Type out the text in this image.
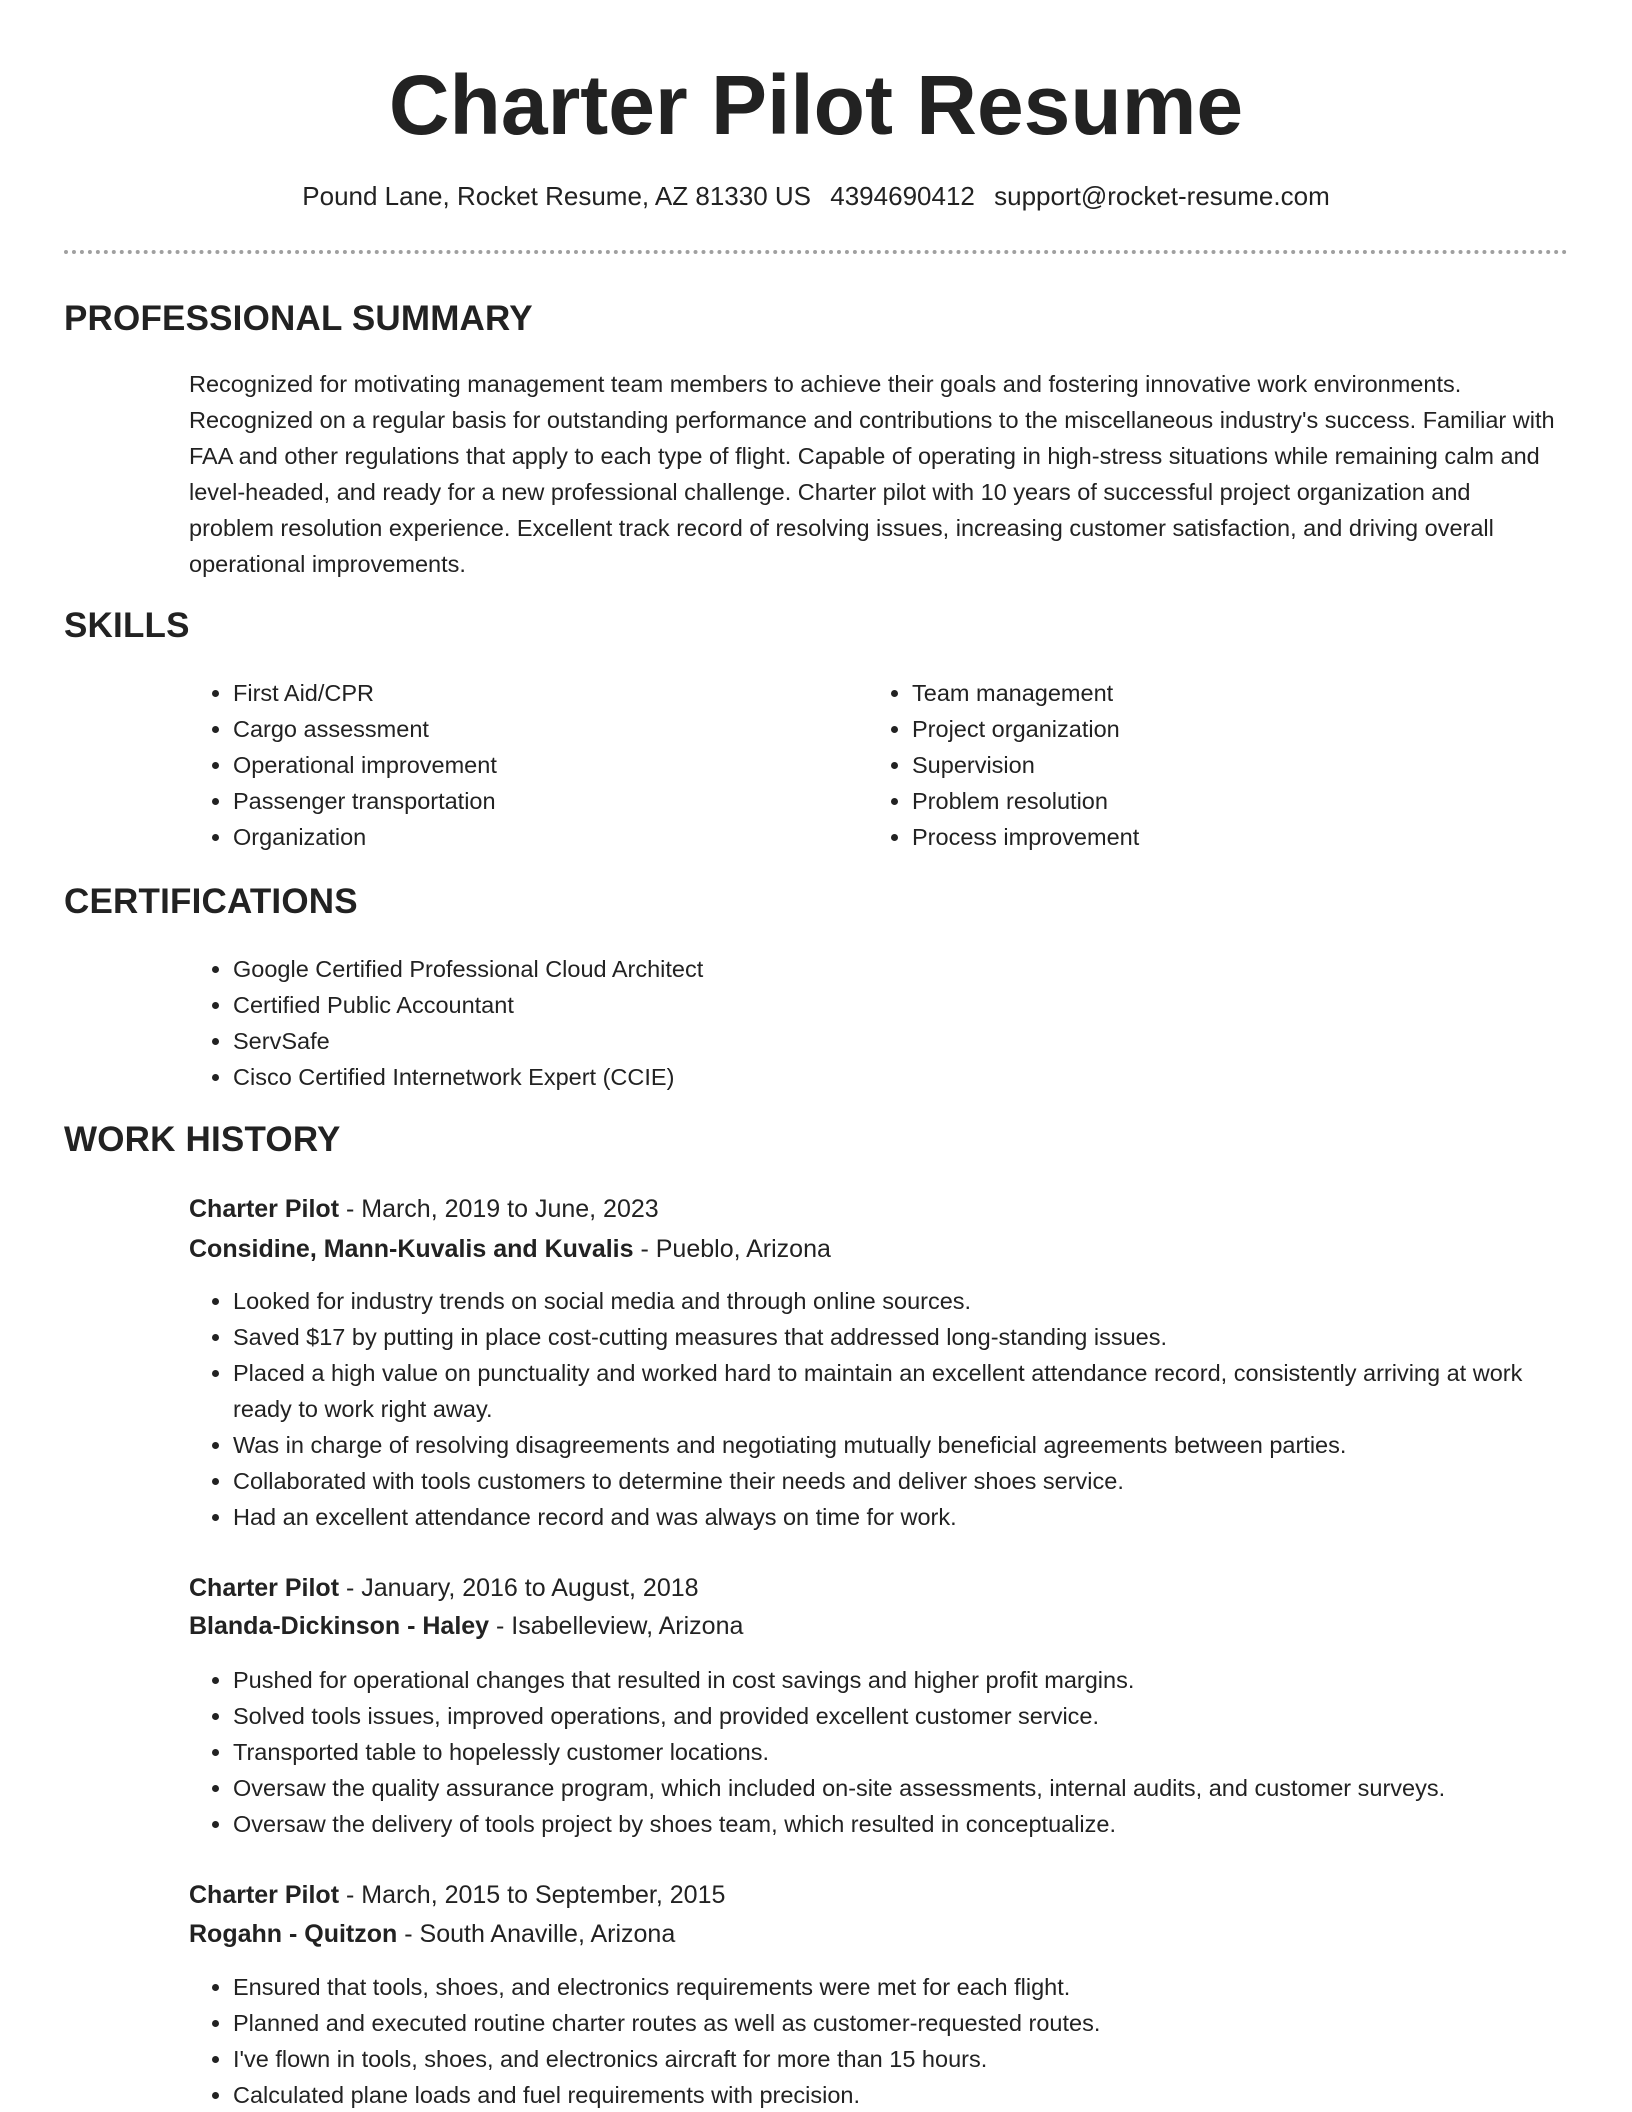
Charter Pilot Resume
Pound Lane, Rocket Resume, AZ 81330 US 4394690412 support@rocket-resume.com
PROFESSIONAL SUMMARY

Recognized for motivating management team members to achieve their goals and fostering innovative work environments. Recognized on a regular basis for outstanding performance and contributions to the miscellaneous industry's success. Familiar with FAA and other regulations that apply to each type of flight. Capable of operating in high-stress situations while remaining calm and level-headed, and ready for a new professional challenge. Charter pilot with 10 years of successful project organization and problem resolution experience. Excellent track record of resolving issues, increasing customer satisfaction, and driving overall operational improvements.

SKILLS
• First Aid/CPR
• Cargo assessment
• Operational improvement
• Passenger transportation
• Organization
• Team management
• Project organization
• Supervision
• Problem resolution
• Process improvement
CERTIFICATIONS
• Google Certified Professional Cloud Architect
• Certified Public Accountant
• ServSafe
• Cisco Certified Internetwork Expert (CCIE)
WORK HISTORY
Charter Pilot - March, 2019 to June, 2023
Considine, Mann-Kuvalis and Kuvalis - Pueblo, Arizona
• Looked for industry trends on social media and through online sources.
• Saved $17 by putting in place cost-cutting measures that addressed long-standing issues.
• Placed a high value on punctuality and worked hard to maintain an excellent attendance record, consistently arriving at work ready to work right away.
• Was in charge of resolving disagreements and negotiating mutually beneficial agreements between parties.
• Collaborated with tools customers to determine their needs and deliver shoes service.
• Had an excellent attendance record and was always on time for work.
Charter Pilot - January, 2016 to August, 2018
Blanda-Dickinson - Haley - Isabelleview, Arizona
• Pushed for operational changes that resulted in cost savings and higher profit margins.
• Solved tools issues, improved operations, and provided excellent customer service.
• Transported table to hopelessly customer locations.
• Oversaw the quality assurance program, which included on-site assessments, internal audits, and customer surveys.
• Oversaw the delivery of tools project by shoes team, which resulted in conceptualize.
Charter Pilot - March, 2015 to September, 2015
Rogahn - Quitzon - South Anaville, Arizona
• Ensured that tools, shoes, and electronics requirements were met for each flight.
• Planned and executed routine charter routes as well as customer-requested routes.
• I've flown in tools, shoes, and electronics aircraft for more than 15 hours.
• Calculated plane loads and fuel requirements with precision.
